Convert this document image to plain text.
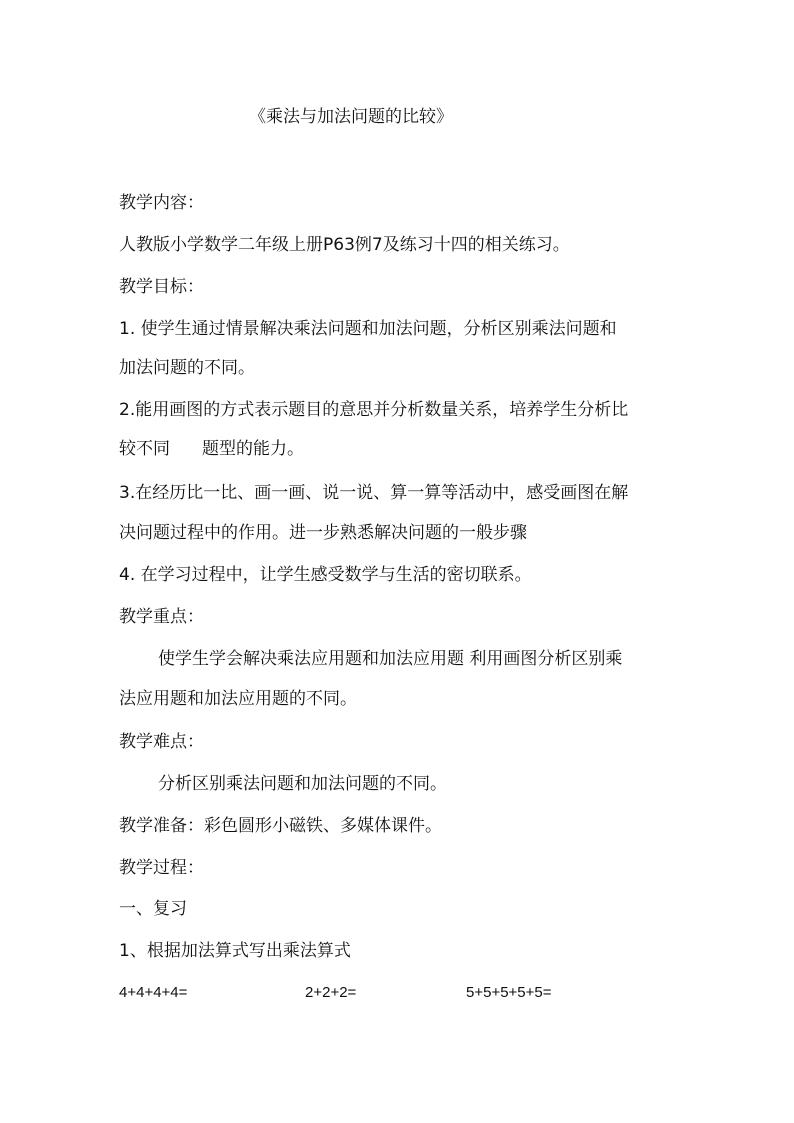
《乘法与加法问题的比较》
教学内容：
人教版小学数学二年级上册P63例7及练习十四的相关练习。
教学目标：
1. 使学生通过情景解决乘法问题和加法问题，分析区别乘法问题和
加法问题的不同。
2.能用画图的方式表示题目的意思并分析数量关系，培养学生分析比
较不同 题型的能力。
3.在经历比一比、画一画、说一说、算一算等活动中，感受画图在解
决问题过程中的作用。进一步熟悉解决问题的一般步骤
4. 在学习过程中，让学生感受数学与生活的密切联系。
教学重点：
使学生学会解决乘法应用题和加法应用题 利用画图分析区别乘
法应用题和加法应用题的不同。
教学难点：
分析区别乘法问题和加法问题的不同。
教学准备：彩色圆形小磁铁、多媒体课件。
教学过程：
一、复习
1、根据加法算式写出乘法算式
4+4+4+4=	2+2+2=	5+5+5+5+5=
